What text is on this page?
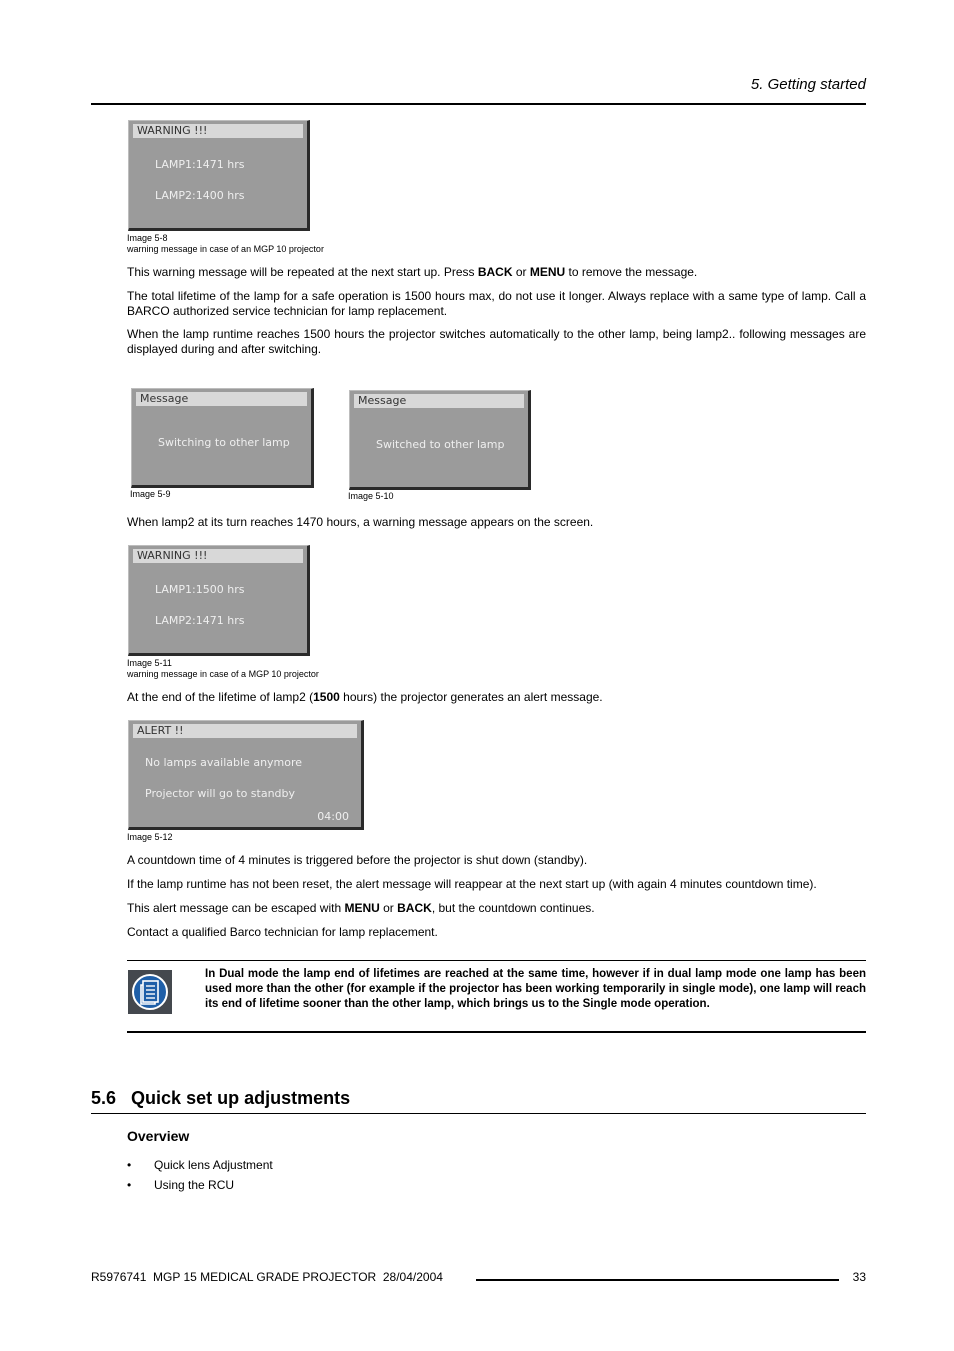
5. Getting started
WARNING !!!
LAMP1:1471 hrs
LAMP2:1400 hrs
Image 5-8
warning message in case of an MGP 10 projector
This warning message will be repeated at the next start up. Press BACK or MENU to remove the message.
The total lifetime of the lamp for a safe operation is 1500 hours max, do not use it longer. Always replace with a same type of lamp. Call a BARCO authorized service technician for lamp replacement.
When the lamp runtime reaches 1500 hours the projector switches automatically to the other lamp, being lamp2.. following messages are displayed during and after switching.
Message
Switching to other lamp
Image 5-9
Message
Switched to other lamp
Image 5-10
When lamp2 at its turn reaches 1470 hours, a warning message appears on the screen.
WARNING !!!
LAMP1:1500 hrs
LAMP2:1471 hrs
Image 5-11
warning message in case of a MGP 10 projector
At the end of the lifetime of lamp2 (1500 hours) the projector generates an alert message.
ALERT !!
No lamps available anymore
Projector will go to standby
04:00
Image 5-12
A countdown time of 4 minutes is triggered before the projector is shut down (standby).
If the lamp runtime has not been reset, the alert message will reappear at the next start up (with again 4 minutes countdown time).
This alert message can be escaped with MENU or BACK, but the countdown continues.
Contact a qualified Barco technician for lamp replacement.
In Dual mode the lamp end of lifetimes are reached at the same time, however if in dual lamp mode one lamp has been used more than the other (for example if the projector has been working temporarily in single mode), one lamp will reach its end of lifetime sooner than the other lamp, which brings us to the Single mode operation.
5.6 Quick set up adjustments
Overview
• Quick lens Adjustment
• Using the RCU
R5976741  MGP 15 MEDICAL GRADE PROJECTOR  28/04/2004	33
